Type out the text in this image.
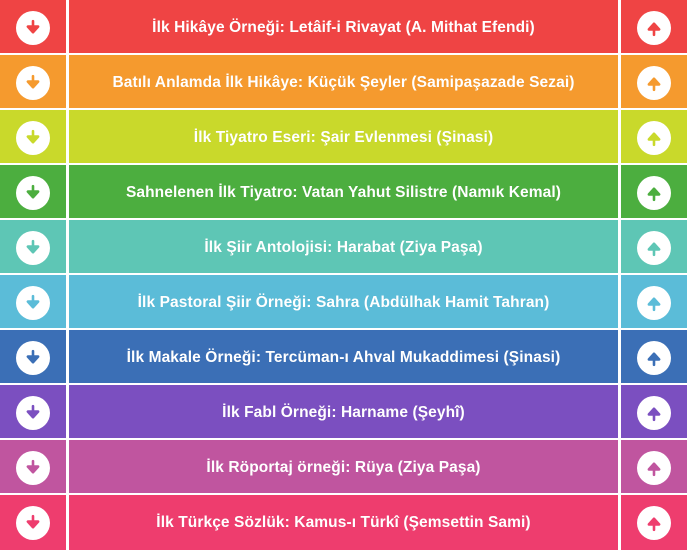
İlk Hikâye Örneği: Letâif-i Rivayat (A. Mithat Efendi)
Batılı Anlamda İlk Hikâye: Küçük Şeyler (Samipaşazade Sezai)
İlk Tiyatro Eseri: Şair Evlenmesi (Şinasi)
Sahnelenen İlk Tiyatro: Vatan Yahut Silistre (Namık Kemal)
İlk Şiir Antolojisi: Harabat (Ziya Paşa)
İlk Pastoral Şiir Örneği: Sahra (Abdülhak Hamit Tahran)
İlk Makale Örneği: Tercüman-ı Ahval Mukaddimesi (Şinasi)
İlk Fabl Örneği: Harname (Şeyhî)
İlk Röportaj örneği: Rüya (Ziya Paşa)
İlk Türkçe Sözlük: Kamus-ı Türkî (Şemsettin Sami)
